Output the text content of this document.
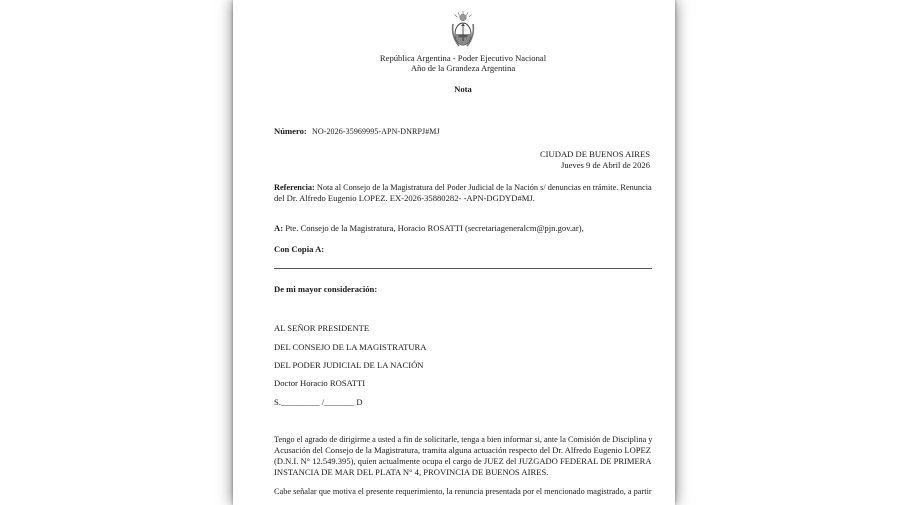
República Argentina - Poder Ejecutivo Nacional
Año de la Grandeza Argentina
Nota
Número: NO-2026-35969995-APN-DNRPJ#MJ
CIUDAD DE BUENOS AIRES
Jueves 9 de Abril de 2026
Referencia: Nota al Consejo de la Magistratura del Poder Judicial de la Nación s/ denuncias en trámite. Renuncia
del Dr. Alfredo Eugenio LOPEZ. EX-2026-35880282- -APN-DGDYD#MJ.
A: Pte. Consejo de la Magistratura, Horacio ROSATTI (secretariageneralcm@pjn.gov.ar),
Con Copia A:
De mi mayor consideración:
AL SEÑOR PRESIDENTE
DEL CONSEJO DE LA MAGISTRATURA
DEL PODER JUDICIAL DE LA NACIÓN
Doctor Horacio ROSATTI
S._________ /_______ D
Tengo el agrado de dirigirme a usted a fin de solicitarle, tenga a bien informar si, ante la Comisión de Disciplina y
Acusación del Consejo de la Magistratura, tramita alguna actuación respecto del Dr. Alfredo Eugenio LOPEZ
(D.N.I. N° 12.549.395), quien actualmente ocupa el cargo de JUEZ del JUZGADO FEDERAL DE PRIMERA
INSTANCIA DE MAR DEL PLATA N° 4, PROVINCIA DE BUENOS AIRES.
Cabe señalar que motiva el presente requerimiento, la renuncia presentada por el mencionado magistrado, a partir
